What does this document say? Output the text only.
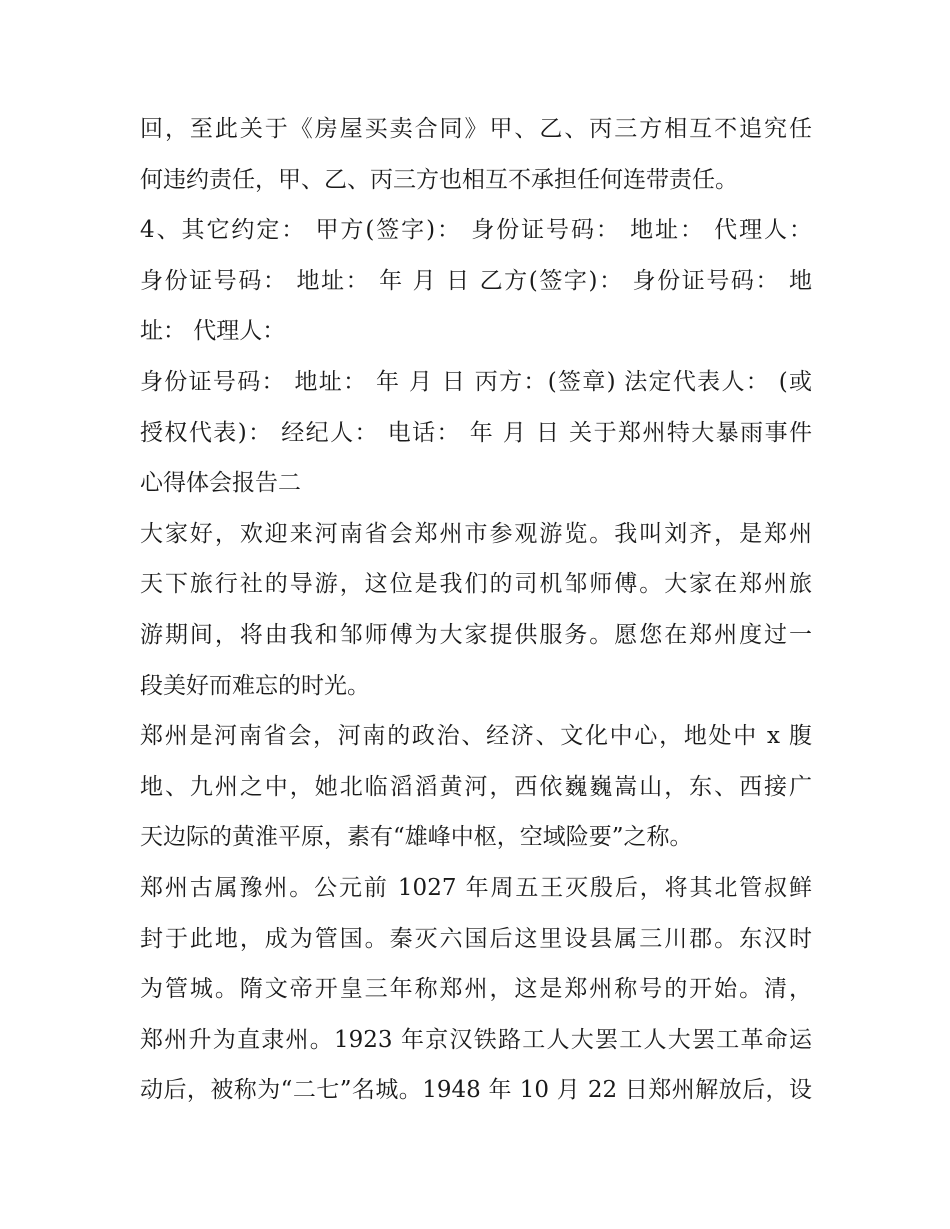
回，至此关于《房屋买卖合同》甲、乙、丙三方相互不追究任
何违约责任，甲、乙、丙三方也相互不承担任何连带责任。
4、其它约定： 甲方(签字)： 身份证号码： 地址： 代理人：
身份证号码： 地址： 年 月 日 乙方(签字)： 身份证号码： 地
址： 代理人：
身份证号码： 地址： 年 月 日 丙方：(签章) 法定代表人： (或
授权代表)： 经纪人： 电话： 年 月 日 关于郑州特大暴雨事件
心得体会报告二
大家好，欢迎来河南省会郑州市参观游览。我叫刘齐，是郑州
天下旅行社的导游，这位是我们的司机邹师傅。大家在郑州旅
游期间，将由我和邹师傅为大家提供服务。愿您在郑州度过一
段美好而难忘的时光。
郑州是河南省会，河南的政治、经济、文化中心，地处中 x 腹
地、九州之中，她北临滔滔黄河，西依巍巍嵩山，东、西接广
天边际的黄淮平原，素有“雄峰中枢，空域险要”之称。
郑州古属豫州。公元前 1027 年周五王灭殷后，将其北管叔鲜
封于此地，成为管国。秦灭六国后这里设县属三川郡。东汉时
为管城。隋文帝开皇三年称郑州，这是郑州称号的开始。清，
郑州升为直隶州。1923 年京汉铁路工人大罢工人大罢工革命运
动后，被称为“二七”名城。1948 年 10 月 22 日郑州解放后，设
